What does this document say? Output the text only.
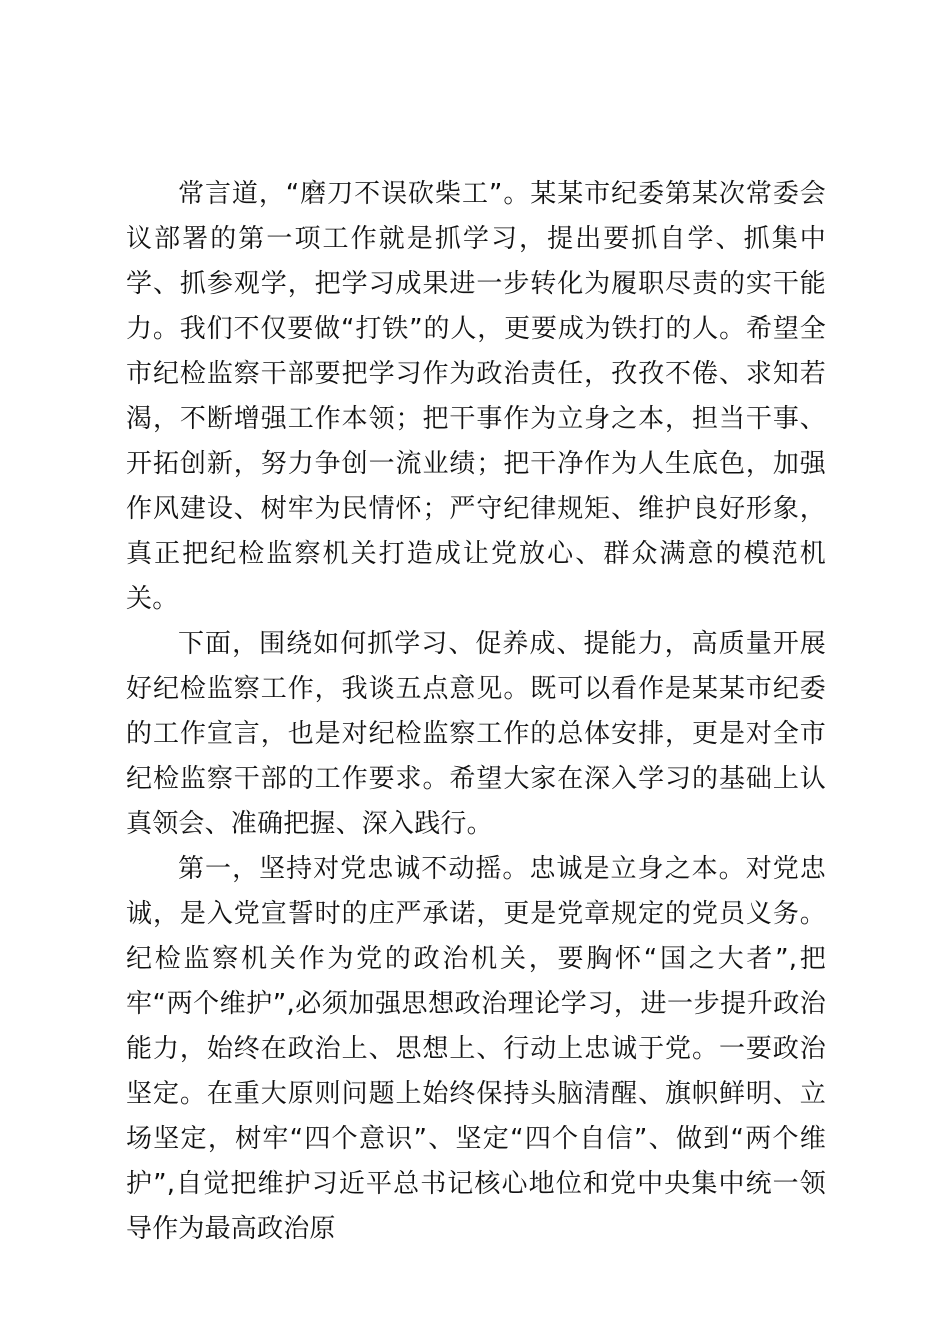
常言道，“磨刀不误砍柴工”。某某市纪委第某次常委会议部署的第一项工作就是抓学习，提出要抓自学、抓集中学、抓参观学，把学习成果进一步转化为履职尽责的实干能力。我们不仅要做“打铁”的人，更要成为铁打的人。希望全市纪检监察干部要把学习作为政治责任，孜孜不倦、求知若渴，不断增强工作本领；把干事作为立身之本，担当干事、开拓创新，努力争创一流业绩；把干净作为人生底色，加强作风建设、树牢为民情怀；严守纪律规矩、维护良好形象，真正把纪检监察机关打造成让党放心、群众满意的模范机关。

下面，围绕如何抓学习、促养成、提能力，高质量开展好纪检监察工作，我谈五点意见。既可以看作是某某市纪委的工作宣言，也是对纪检监察工作的总体安排，更是对全市纪检监察干部的工作要求。希望大家在深入学习的基础上认真领会、准确把握、深入践行。

第一，坚持对党忠诚不动摇。忠诚是立身之本。对党忠诚，是入党宣誓时的庄严承诺，更是党章规定的党员义务。纪检监察机关作为党的政治机关，要胸怀“国之大者”,把牢“两个维护”,必须加强思想政治理论学习，进一步提升政治能力，始终在政治上、思想上、行动上忠诚于党。一要政治坚定。在重大原则问题上始终保持头脑清醒、旗帜鲜明、立场坚定，树牢“四个意识”、坚定“四个自信”、做到“两个维护”,自觉把维护习近平总书记核心地位和党中央集中统一领导作为最高政治原
